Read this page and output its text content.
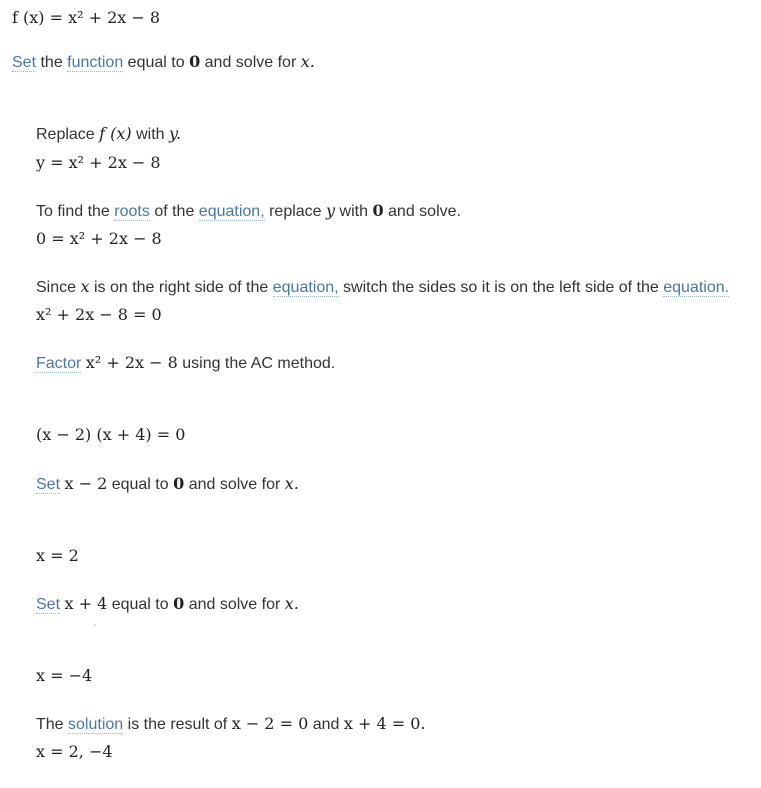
f (x) = x² + 2x − 8
Set the function equal to 0 and solve for x.
Replace f (x) with y.
y = x² + 2x − 8
To find the roots of the equation, replace y with 0 and solve.
0 = x² + 2x − 8
Since x is on the right side of the equation, switch the sides so it is on the left side of the equation.
x² + 2x − 8 = 0
Factor x² + 2x − 8 using the AC method.
(x − 2) (x + 4) = 0
Set x − 2 equal to 0 and solve for x.
x = 2
Set x + 4 equal to 0 and solve for x.
x = −4
The solution is the result of x − 2 = 0 and x + 4 = 0.
x = 2, −4
